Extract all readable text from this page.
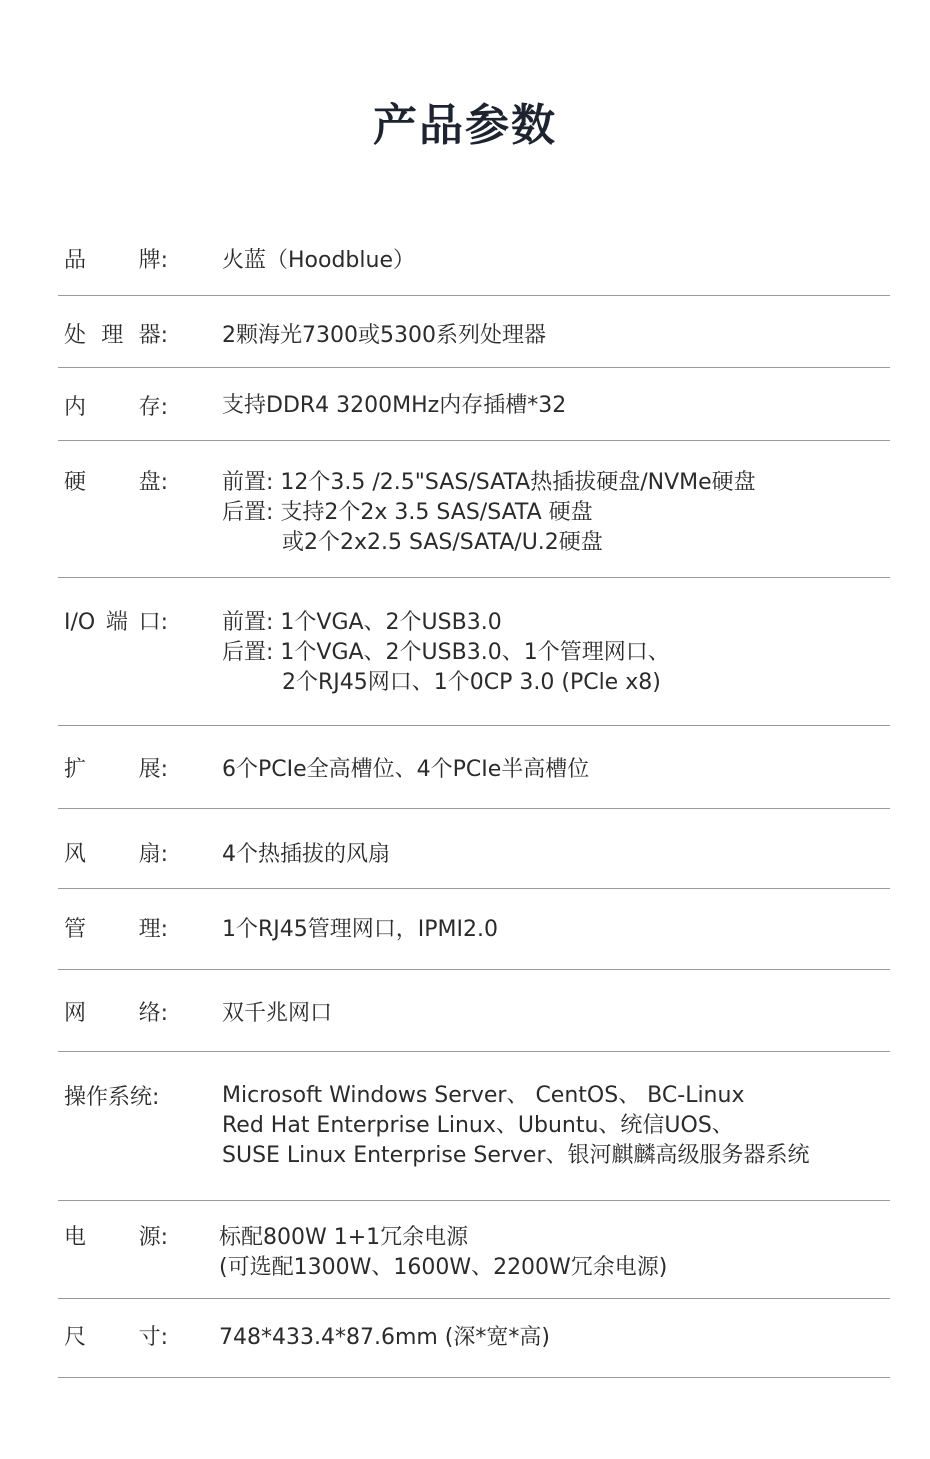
产品参数
品 牌: 火蓝（Hoodblue）
处 理 器: 2颗海光7300或5300系列处理器
内 存: 支持DDR4 3200MHz内存插槽*32
硬 盘: 前置: 12个3.5 /2.5"SAS/SATA热插拔硬盘/NVMe硬盘
后置: 支持2个2x 3.5 SAS/SATA 硬盘
或2个2x2.5 SAS/SATA/U.2硬盘
I/O 端 口: 前置: 1个VGA、2个USB3.0
后置: 1个VGA、2个USB3.0、1个管理网口、
2个RJ45网口、1个0CP 3.0 (PCle x8)
扩 展: 6个PCIe全高槽位、4个PCIe半高槽位
风 扇: 4个热插拔的风扇
管 理: 1个RJ45管理网口，IPMI2.0
网 络: 双千兆网口
操作系统:	Microsoft Windows Server、 CentOS、 BC-Linux
Red Hat Enterprise Linux、Ubuntu、统信UOS、
SUSE Linux Enterprise Server、银河麒麟高级服务器系统
电 源: 标配800W 1+1冗余电源
(可选配1300W、1600W、2200W冗余电源)
尺 寸: 748*433.4*87.6mm (深*宽*高)
